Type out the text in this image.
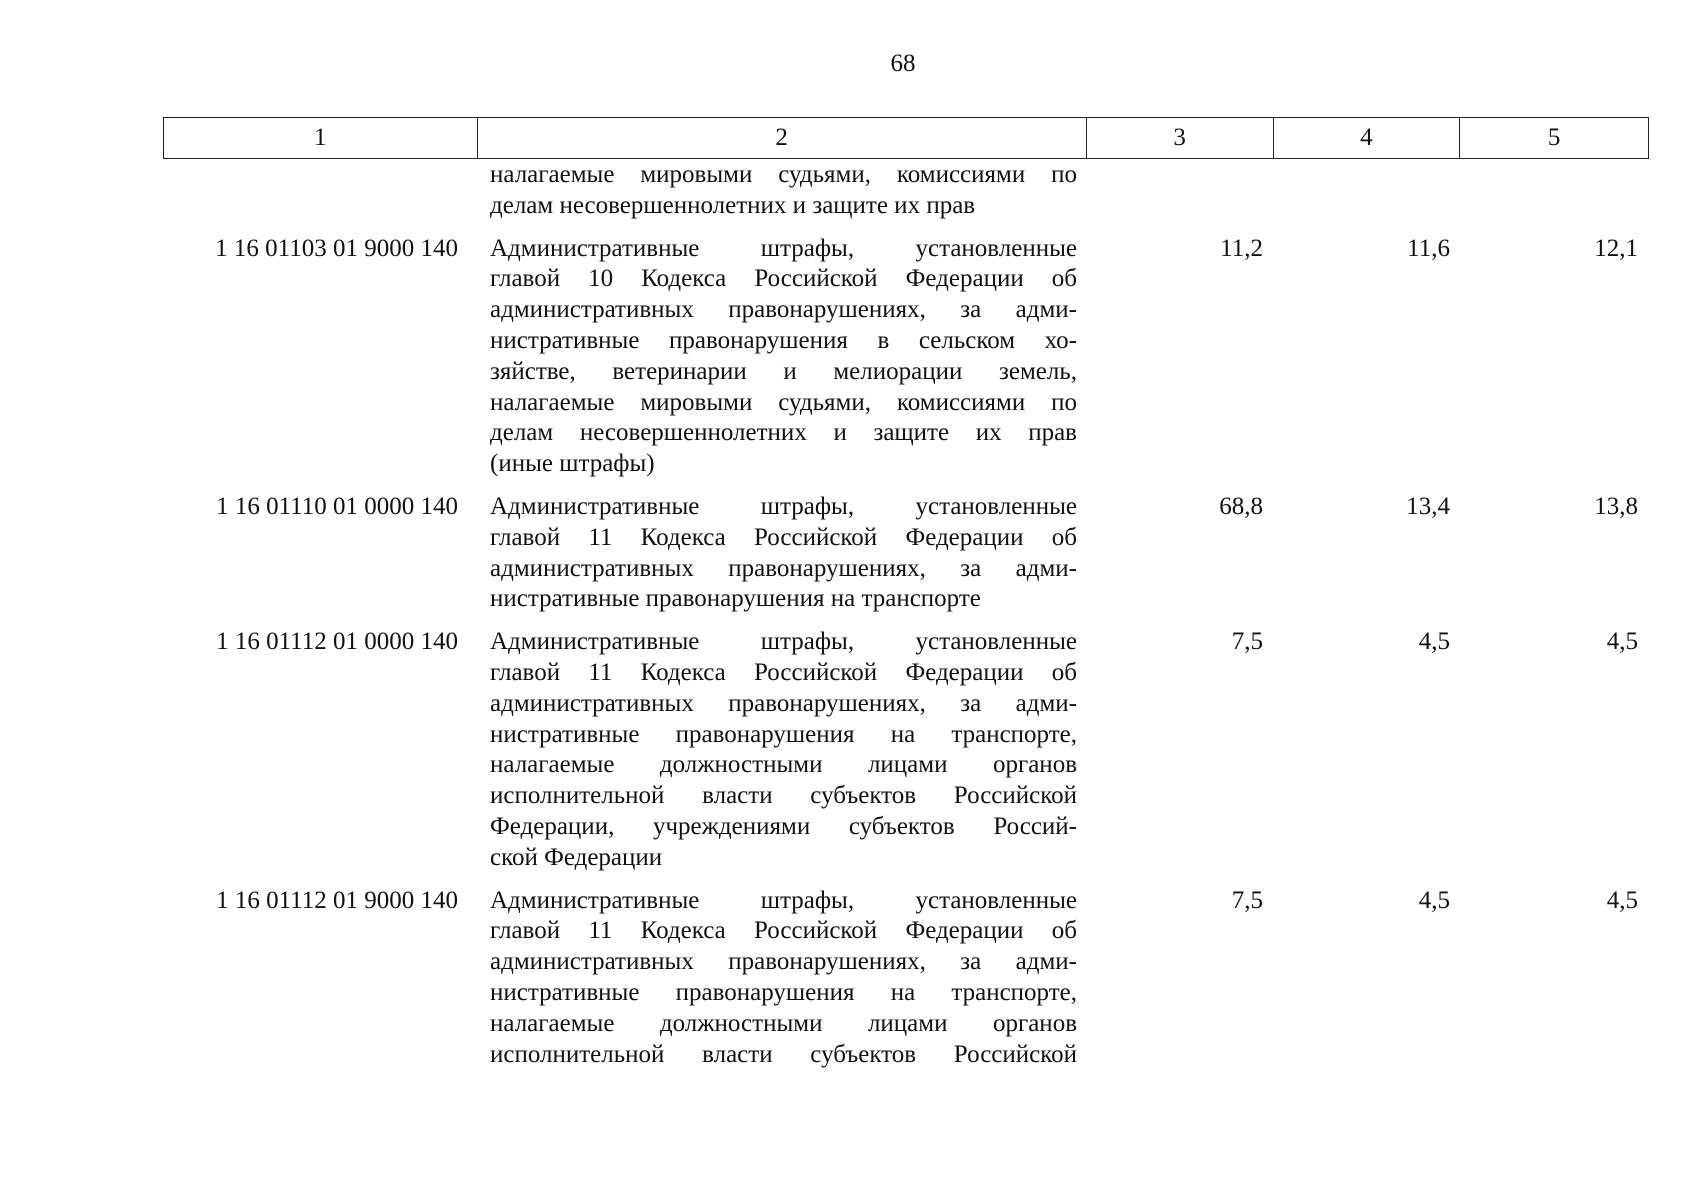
68
1	2	3	4	5
налагаемые мировыми судьями, комиссиями по
делам несовершеннолетних и защите их прав
1 16 01103 01 9000 140	Административные штрафы, установленные
главой 10 Кодекса Российской Федерации об
административных правонарушениях, за адми-
нистративные правонарушения в сельском хо-
зяйстве, ветеринарии и мелиорации земель,
налагаемые мировыми судьями, комиссиями по
делам несовершеннолетних и защите их прав
(иные штрафы)
11,2	11,6	12,1
1 16 01110 01 0000 140	Административные штрафы, установленные
главой 11 Кодекса Российской Федерации об
административных правонарушениях, за адми-
нистративные правонарушения на транспорте
68,8	13,4	13,8
1 16 01112 01 0000 140	Административные штрафы, установленные
главой 11 Кодекса Российской Федерации об
административных правонарушениях, за адми-
нистративные правонарушения на транспорте,
налагаемые должностными лицами органов
исполнительной власти субъектов Российской
Федерации, учреждениями субъектов Россий-
ской Федерации
7,5	4,5	4,5
1 16 01112 01 9000 140	Административные штрафы, установленные
главой 11 Кодекса Российской Федерации об
административных правонарушениях, за адми-
нистративные правонарушения на транспорте,
налагаемые должностными лицами органов
исполнительной власти субъектов Российской
7,5	4,5	4,5
